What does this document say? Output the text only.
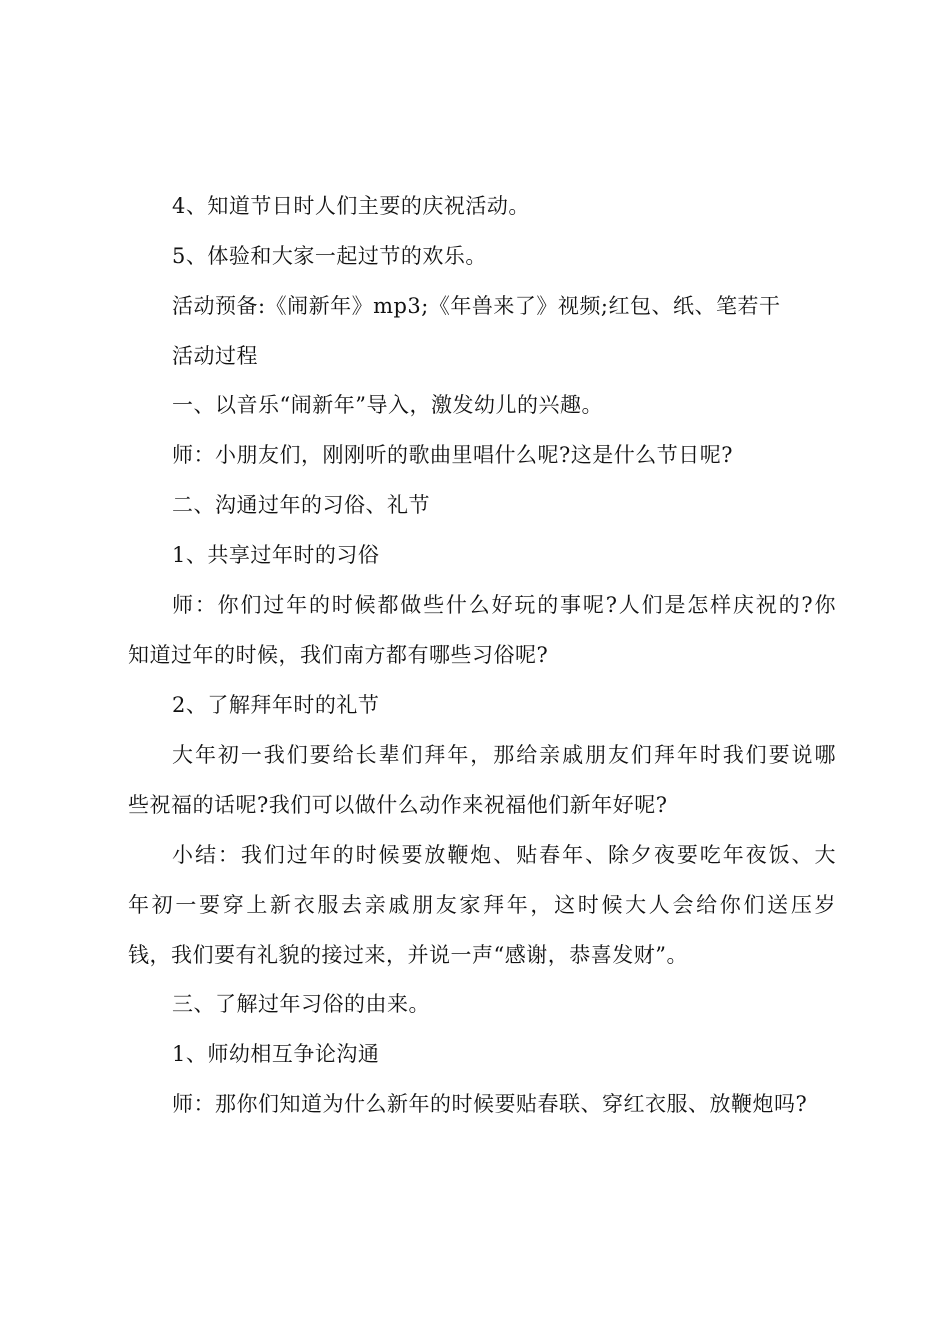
4、知道节日时人们主要的庆祝活动。
5、体验和大家一起过节的欢乐。
活动预备:《闹新年》mp3;《年兽来了》视频;红包、纸、笔若干
活动过程
一、以音乐“闹新年”导入，激发幼儿的兴趣。
师：小朋友们，刚刚听的歌曲里唱什么呢?这是什么节日呢?
二、沟通过年的习俗、礼节
1、共享过年时的习俗
师：你们过年的时候都做些什么好玩的事呢?人们是怎样庆祝的?你
知道过年的时候，我们南方都有哪些习俗呢?
2、了解拜年时的礼节
大年初一我们要给长辈们拜年，那给亲戚朋友们拜年时我们要说哪
些祝福的话呢?我们可以做什么动作来祝福他们新年好呢?
小结：我们过年的时候要放鞭炮、贴春年、除夕夜要吃年夜饭、大
年初一要穿上新衣服去亲戚朋友家拜年，这时候大人会给你们送压岁
钱，我们要有礼貌的接过来，并说一声“感谢，恭喜发财”。
三、了解过年习俗的由来。
1、师幼相互争论沟通
师：那你们知道为什么新年的时候要贴春联、穿红衣服、放鞭炮吗?
